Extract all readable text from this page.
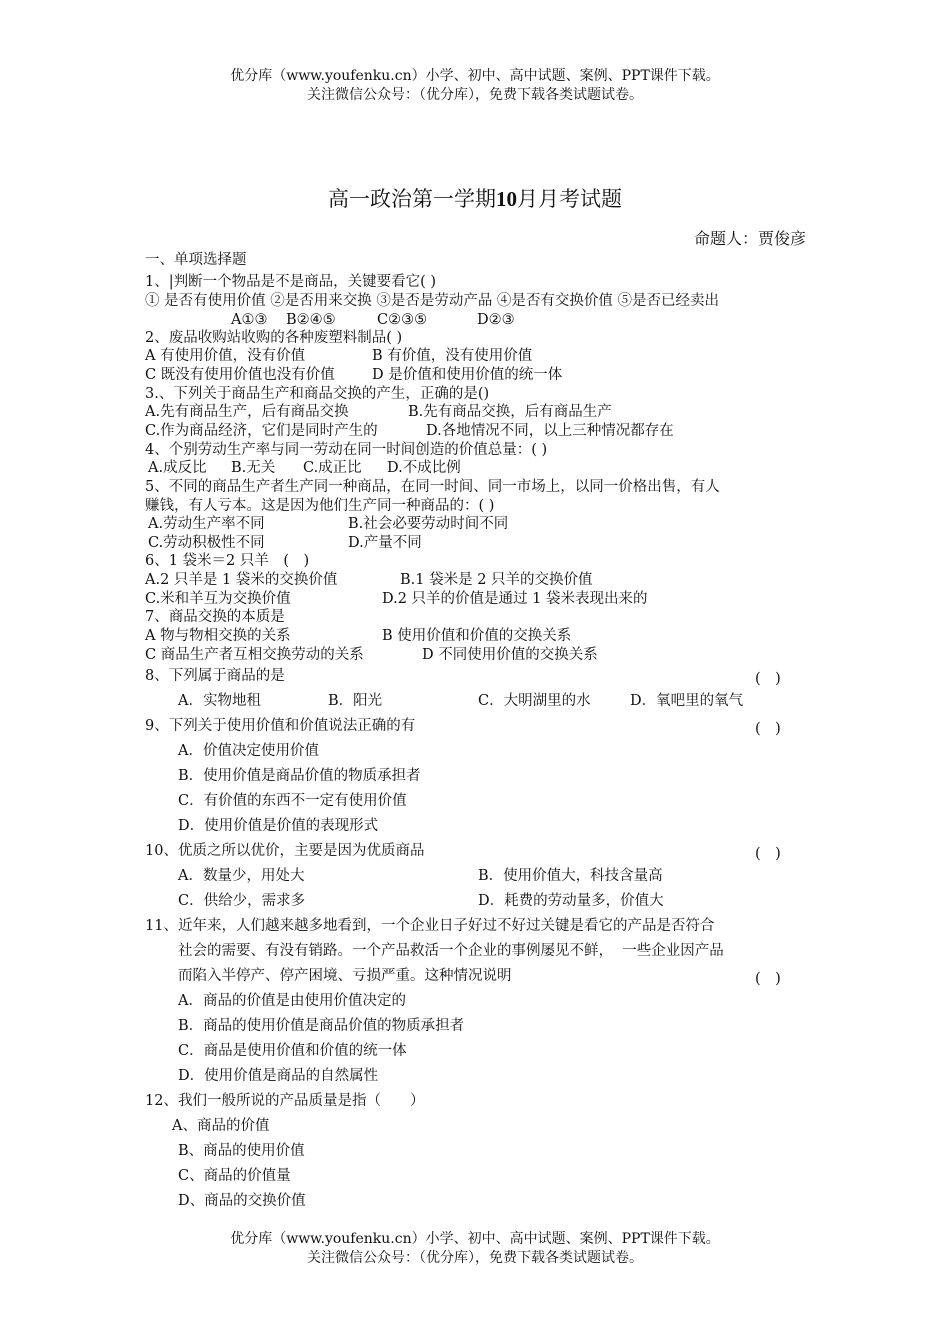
优分库（www.youfenku.cn）小学、初中、高中试题、案例、PPT课件下载。
关注微信公众号：（优分库），免费下载各类试题试卷。
高一政治第一学期10月月考试题
命题人：贾俊彦
一、单项选择题
1、|判断一个物品是不是商品，关键要看它( )
① 是否有使用价值 ②是否用来交换 ③是否是劳动产品 ④是否有交换价值 ⑤是否已经卖出
A①③ B②④⑤	C②③⑤	D②③
2、废品收购站收购的各种废塑料制品( )
A 有使用价值，没有价值	B 有价值，没有使用价值
C 既没有使用价值也没有价值	D 是价值和使用价值的统一体
3.、下列关于商品生产和商品交换的产生，正确的是()
A.先有商品生产，后有商品交换	B.先有商品交换，后有商品生产
C.作为商品经济，它们是同时产生的	D.各地情况不同，以上三种情况都存在
4、个别劳动生产率与同一劳动在同一时间创造的价值总量：( )
A.成反比 B.无关 C.成正比 D.不成比例
5、不同的商品生产者生产同一种商品，在同一时间、同一市场上，以同一价格出售，有人
赚钱，有人亏本。这是因为他们生产同一种商品的：( )
A.劳动生产率不同	B.社会必要劳动时间不同
C.劳动积极性不同	D.产量不同
6、1 袋米＝2 只羊　(　)
A.2 只羊是 1 袋米的交换价值	B.1 袋米是 2 只羊的交换价值
C.米和羊互为交换价值	D.2 只羊的价值是通过 1 袋米表现出来的
7、商品交换的本质是
A 物与物相交换的关系	B 使用价值和价值的交换关系
C 商品生产者互相交换劳动的关系	D 不同使用价值的交换关系
8、下列属于商品的是	(　)
A．实物地租	B．阳光	C．大明湖里的水	D．氧吧里的氧气
9、下列关于使用价值和价值说法正确的有	(　)
A．价值决定使用价值
B．使用价值是商品价值的物质承担者
C．有价值的东西不一定有使用价值
D．使用价值是价值的表现形式
10、优质之所以优价，主要是因为优质商品	(　)
A．数量少，用处大	B．使用价值大，科技含量高
C．供给少，需求多	D．耗费的劳动量多，价值大
11、近年来，人们越来越多地看到，一个企业日子好过不好过关键是看它的产品是否符合
社会的需要、有没有销路。一个产品救活一个企业的事例屡见不鲜，  一些企业因产品
而陷入半停产、停产困境、亏损严重。这种情况说明	(　)
A．商品的价值是由使用价值决定的
B．商品的使用价值是商品价值的物质承担者
C．商品是使用价值和价值的统一体
D．使用价值是商品的自然属性
12、我们一般所说的产品质量是指（　　）
A、商品的价值
B、商品的使用价值
C、商品的价值量
D、商品的交换价值
优分库（www.youfenku.cn）小学、初中、高中试题、案例、PPT课件下载。
关注微信公众号：（优分库），免费下载各类试题试卷。
